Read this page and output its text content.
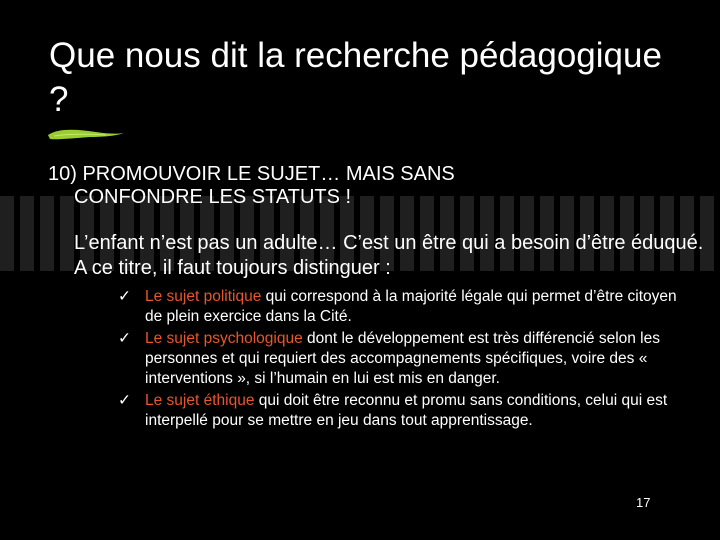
Que nous dit la recherche pédagogique ?
10) PROMOUVOIR LE SUJET… MAIS SANS
CONFONDRE LES STATUTS !
L’enfant n’est pas un adulte… C’est un être qui a besoin d’être éduqué. A ce titre, il faut toujours distinguer :
✓ Le sujet politique qui correspond à la majorité légale qui permet d’être citoyen de plein exercice dans la Cité.
✓ Le sujet psychologique dont le développement est très différencié selon les personnes et qui requiert des accompagnements spécifiques, voire des « interventions », si l’humain en lui est mis en danger.
✓ Le sujet éthique qui doit être reconnu et promu sans conditions, celui qui est interpellé pour se mettre en jeu dans tout apprentissage.
17
